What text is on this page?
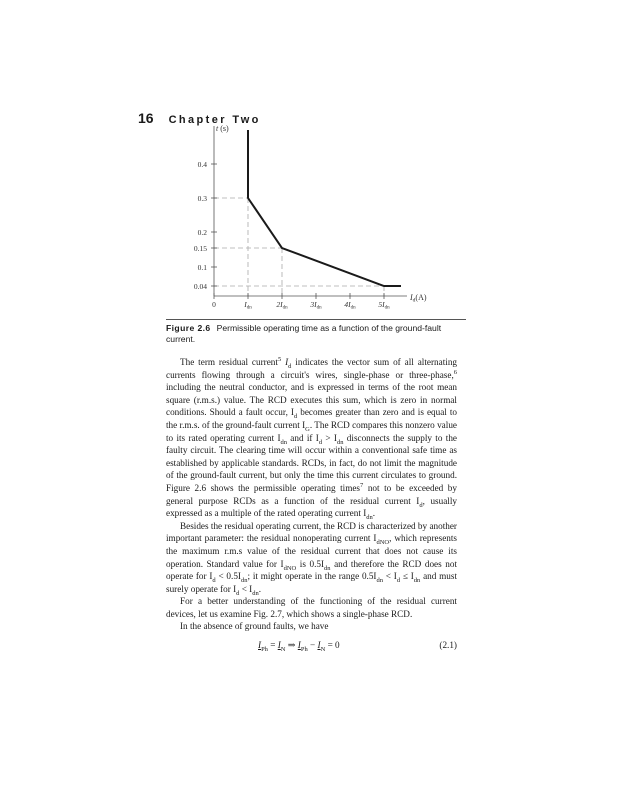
16 Chapter Two
0.04
0.1
0.15
0.2
0.3
0.4
0	$I_{dn}$	$2I_{dn}$	$3I_{dn}$	$4I_{dn}$	$5I_{dn}$
t (s)
Id(A)
Figure 2.6 Permissible operating time as a function of the ground-fault current.

The term residual current$^5$ $I_d$ indicates the vector sum of all alternating currents flowing through a circuit's wires, single-phase or three-phase,$^6$ including the neutral conductor, and is expressed in terms of the root mean square (r.m.s.) value. The RCD executes this sum, which is zero in normal conditions. Should a fault occur, $I_d$ becomes greater than zero and is equal to the r.m.s. of the ground-fault current $I_G$. The RCD compares this nonzero value to its rated operating current $I_{dn}$ and if $I_d > I_{dn}$ disconnects the supply to the faulty circuit. The clearing time will occur within a conventional safe time as established by applicable standards. RCDs, in fact, do not limit the magnitude of the ground-fault current, but only the time this current circulates to ground. Figure 2.6 shows the permissible operating times$^7$ not to be exceeded by general purpose RCDs as a function of the residual current $I_d$, usually expressed as a multiple of the rated operating current $I_{dn}$.

Besides the residual operating current, the RCD is characterized by another important parameter: the residual nonoperating current $I_{dNO}$, which represents the maximum r.m.s value of the residual current that does not cause its operation. Standard value for $I_{dNO}$ is $0.5I_{dn}$ and therefore the RCD does not operate for $I_d < 0.5I_{dn}$; it might operate in the range $0.5I_{dn} < I_d \le I_{dn}$ and must surely operate for $I_d < I_{dn}$.

For a better understanding of the functioning of the residual current devices, let us examine Fig. 2.7, which shows a single-phase RCD.

In the absence of ground faults, we have

$I_{Ph} = I_N$ ⇒ $I_{Ph} - I_N = 0$	(2.1)
